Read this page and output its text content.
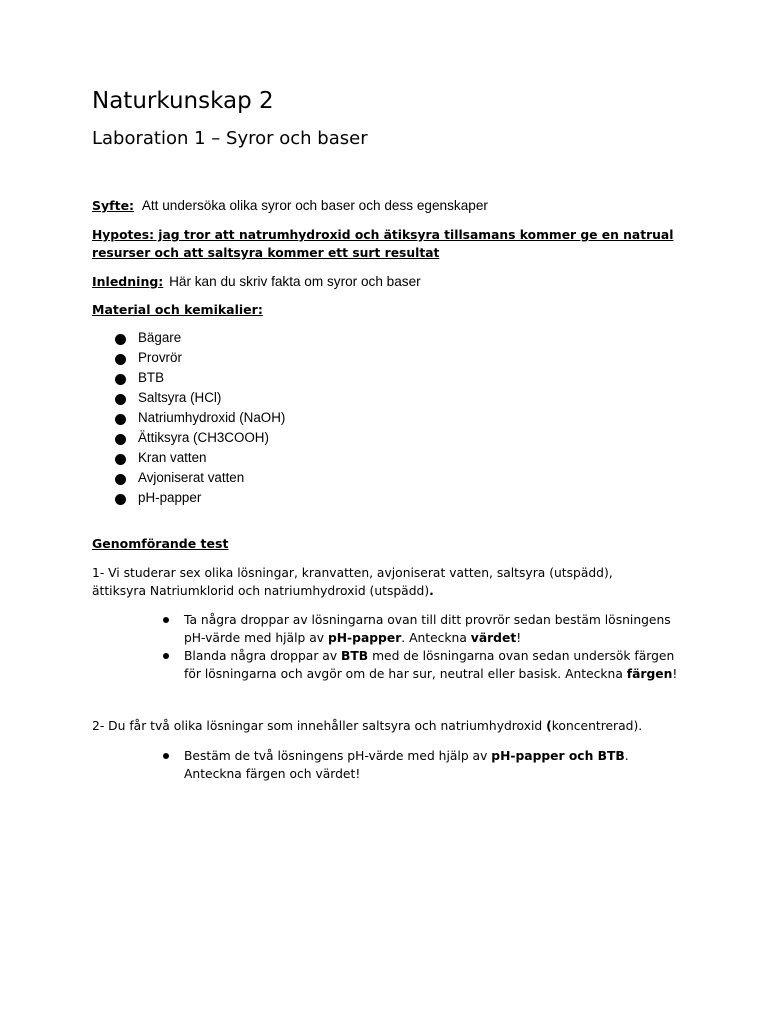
Naturkunskap 2
Laboration 1 – Syror och baser
Syfte: Att undersöka olika syror och baser och dess egenskaper
Hypotes: jag tror att natrumhydroxid och ätiksyra tillsamans kommer ge en natrual
resurser och att saltsyra kommer ett surt resultat
Inledning: Här kan du skriv fakta om syror och baser
Material och kemikalier:
Bägare
Provrör
BTB
Saltsyra (HCl)
Natriumhydroxid (NaOH)
Ättiksyra (CH3COOH)
Kran vatten
Avjoniserat vatten
pH-papper
Genomförande test
1- Vi studerar sex olika lösningar, kranvatten, avjoniserat vatten, saltsyra (utspädd),
ättiksyra Natriumklorid och natriumhydroxid (utspädd).
Ta några droppar av lösningarna ovan till ditt provrör sedan bestäm lösningens pH-värde med hjälp av pH-papper. Anteckna värdet!
Blanda några droppar av BTB med de lösningarna ovan sedan undersök färgen för lösningarna och avgör om de har sur, neutral eller basisk. Anteckna färgen!
2- Du får två olika lösningar som innehåller saltsyra och natriumhydroxid (koncentrerad).
Bestäm de två lösningens pH-värde med hjälp av pH-papper och BTB. Anteckna färgen och värdet!
